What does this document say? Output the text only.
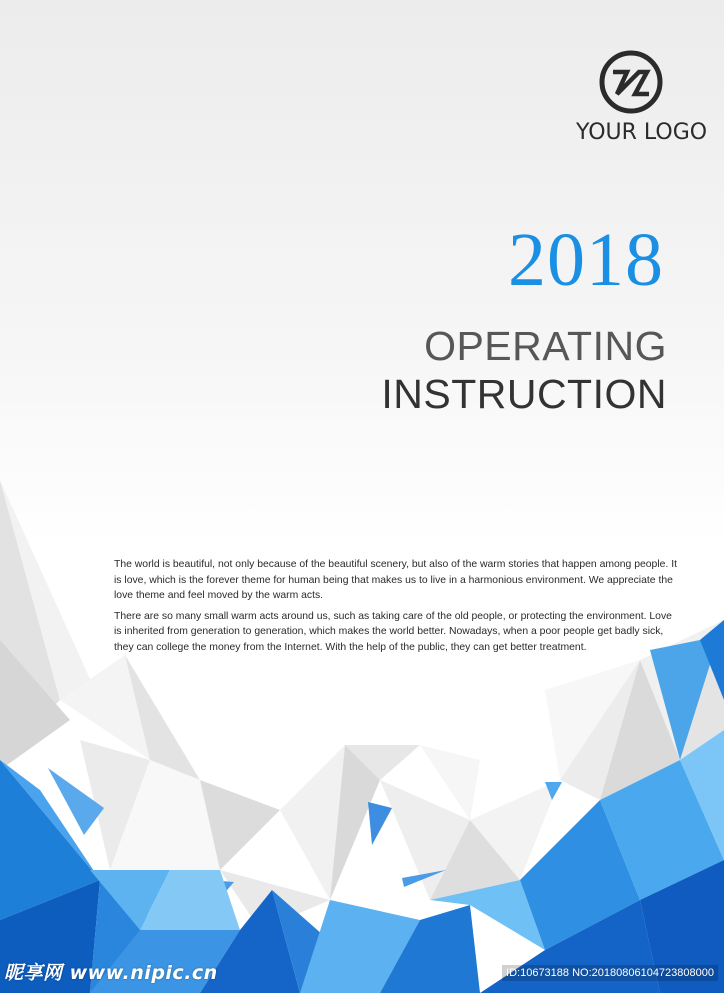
YOUR LOGO
2018
OPERATING
INSTRUCTION

The world is beautiful, not only because of the beautiful scenery, but also of the warm stories that happen among people. It is love, which is the forever theme for human being that makes us to live in a harmonious environment. We appreciate the love theme and feel moved by the warm acts.

There are so many small warm acts around us, such as taking care of the old people, or protecting the environment. Love is inherited from generation to generation, which makes the world better. Nowadays, when a poor people get badly sick, they can college the money from the Internet. With the help of the public, they can get better treatment.

昵享网 www.nipic.cn	ID:10673188 NO:20180806104723808000
